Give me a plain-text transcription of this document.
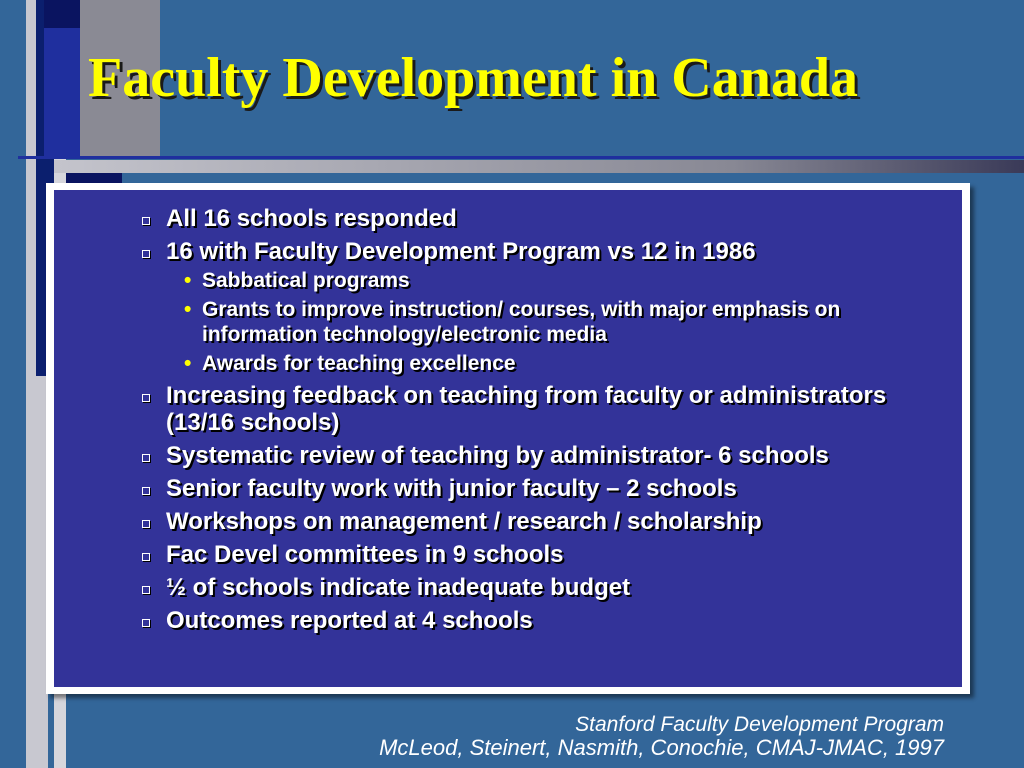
Faculty Development in Canada
All 16 schools responded
16 with Faculty Development Program vs 12 in 1986
• Sabbatical programs
• Grants to improve instruction/ courses, with major emphasis on information technology/electronic media
• Awards for teaching excellence
Increasing feedback on teaching from faculty or administrators (13/16 schools)
Systematic review of teaching by administrator- 6 schools
Senior faculty work with junior faculty – 2 schools
Workshops on management / research / scholarship
Fac Devel committees in 9 schools
½ of schools indicate inadequate budget
Outcomes reported at 4 schools
Stanford Faculty Development Program
McLeod, Steinert, Nasmith, Conochie, CMAJ-JMAC, 1997
